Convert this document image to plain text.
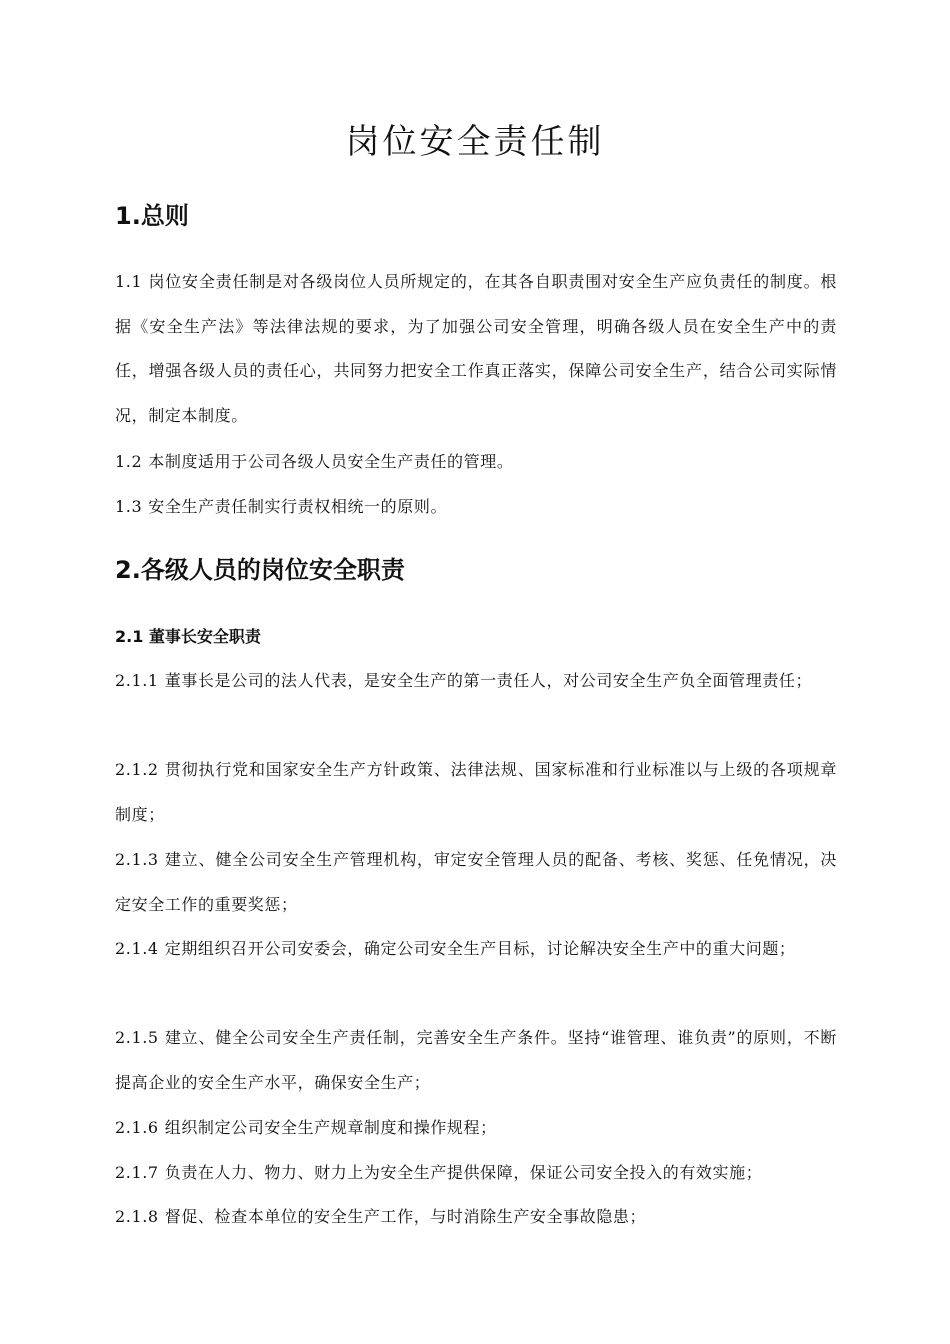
岗位安全责任制
1.总则
1.1 岗位安全责任制是对各级岗位人员所规定的，在其各自职责围对安全生产应负责任的制度。根据《安全生产法》等法律法规的要求，为了加强公司安全管理，明确各级人员在安全生产中的责任，增强各级人员的责任心，共同努力把安全工作真正落实，保障公司安全生产，结合公司实际情况，制定本制度。
1.2 本制度适用于公司各级人员安全生产责任的管理。
1.3 安全生产责任制实行责权相统一的原则。
2.各级人员的岗位安全职责
2.1 董事长安全职责
2.1.1 董事长是公司的法人代表，是安全生产的第一责任人，对公司安全生产负全面管理责任；
2.1.2 贯彻执行党和国家安全生产方针政策、法律法规、国家标准和行业标准以与上级的各项规章制度；
2.1.3 建立、健全公司安全生产管理机构，审定安全管理人员的配备、考核、奖惩、任免情况，决定安全工作的重要奖惩；
2.1.4 定期组织召开公司安委会，确定公司安全生产目标，讨论解决安全生产中的重大问题；
2.1.5 建立、健全公司安全生产责任制，完善安全生产条件。坚持“谁管理、谁负责”的原则，不断提高企业的安全生产水平，确保安全生产；
2.1.6 组织制定公司安全生产规章制度和操作规程；
2.1.7 负责在人力、物力、财力上为安全生产提供保障，保证公司安全投入的有效实施；
2.1.8 督促、检查本单位的安全生产工作，与时消除生产安全事故隐患；
